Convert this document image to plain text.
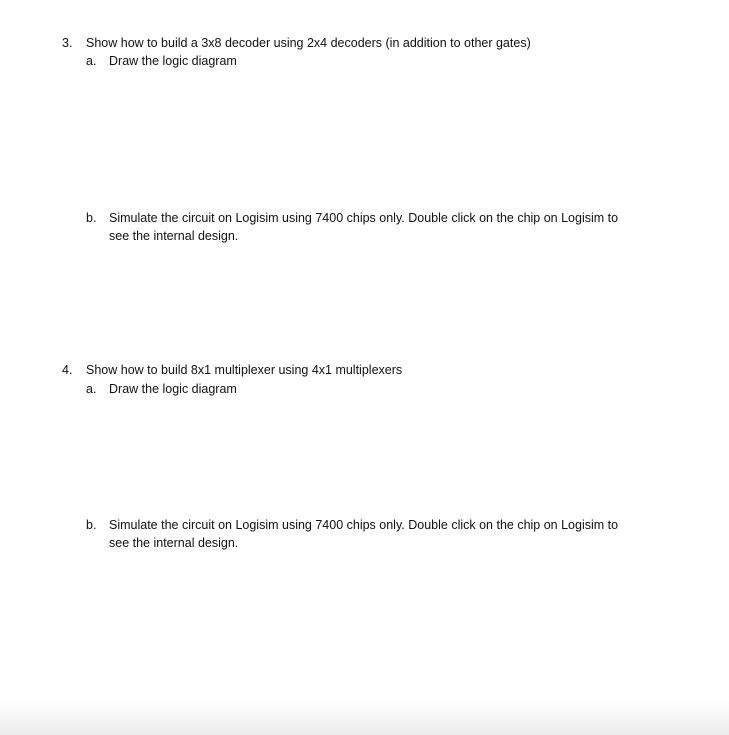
3. Show how to build a 3x8 decoder using 2x4 decoders (in addition to other gates)
a. Draw the logic diagram
b. Simulate the circuit on Logisim using 7400 chips only. Double click on the chip on Logisim to
see the internal design.
4. Show how to build 8x1 multiplexer using 4x1 multiplexers
a. Draw the logic diagram
b. Simulate the circuit on Logisim using 7400 chips only. Double click on the chip on Logisim to
see the internal design.
